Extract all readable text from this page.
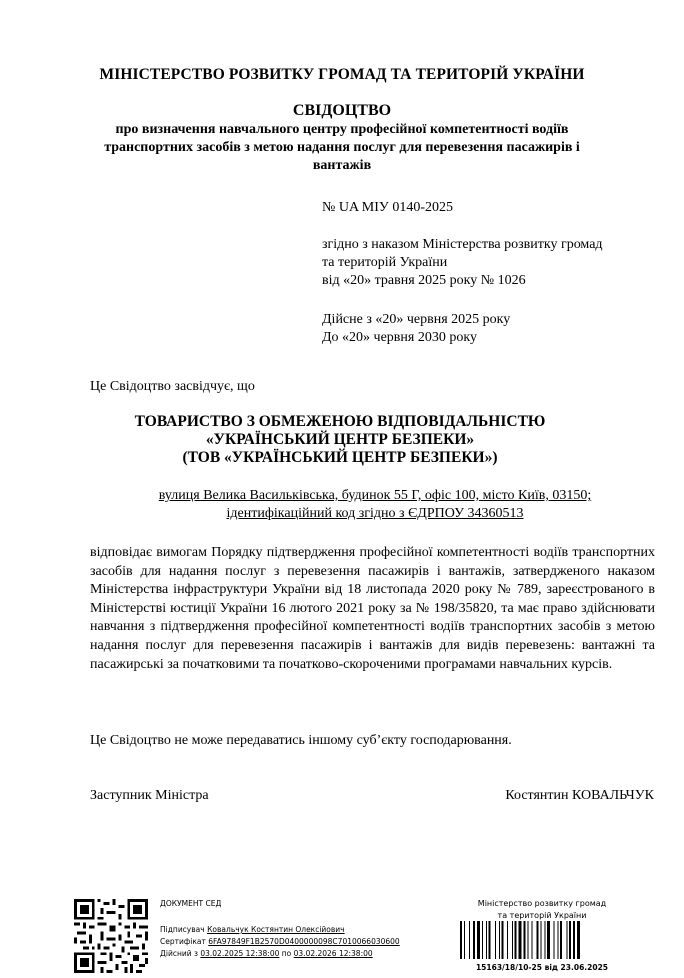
МІНІСТЕРСТВО РОЗВИТКУ ГРОМАД ТА ТЕРИТОРІЙ УКРАЇНИ
СВІДОЦТВО
про визначення навчального центру професійної компетентності водіїв
транспортних засобів з метою надання послуг для перевезення пасажирів і
вантажів
№ UA МІУ 0140-2025
згідно з наказом Міністерства розвитку громад
та територій України
від «20» травня 2025 року № 1026
Дійсне з «20» червня 2025 року
До «20» червня 2030 року
Це Свідоцтво засвідчує, що
ТОВАРИСТВО З ОБМЕЖЕНОЮ ВІДПОВІДАЛЬНІСТЮ
«УКРАЇНСЬКИЙ ЦЕНТР БЕЗПЕКИ»
(ТОВ «УКРАЇНСЬКИЙ ЦЕНТР БЕЗПЕКИ»)
вулиця Велика Васильківська, будинок 55 Г, офіс 100, місто Київ, 03150;
ідентифікаційний код згідно з ЄДРПОУ 34360513
відповідає вимогам Порядку підтвердження професійної компетентності водіїв транспортних засобів для надання послуг з перевезення пасажирів і вантажів, затвердженого наказом Міністерства інфраструктури України від 18 листопада 2020 року № 789, зареєстрованого в Міністерстві юстиції України 16 лютого 2021 року за № 198/35820, та має право здійснювати навчання з підтвердження професійної компетентності водіїв транспортних засобів з метою надання послуг для перевезення пасажирів і вантажів для видів перевезень: вантажні та пасажирські за початковими та початково-скороченими програмами навчальних курсів.
Це Свідоцтво не може передаватись іншому суб’єкту господарювання.
Заступник Міністра	Костянтин КОВАЛЬЧУК
ДОКУМЕНТ СЕД
Підписувач Ковальчук Костянтин Олексійович
Сертифікат 6FA97849F1B2570D0400000098C7010066030600
Дійсний з 03.02.2025 12:38:00 по 03.02.2026 12:38:00
Міністерство розвитку громад
та територій України
15163/18/10-25 від 23.06.2025
